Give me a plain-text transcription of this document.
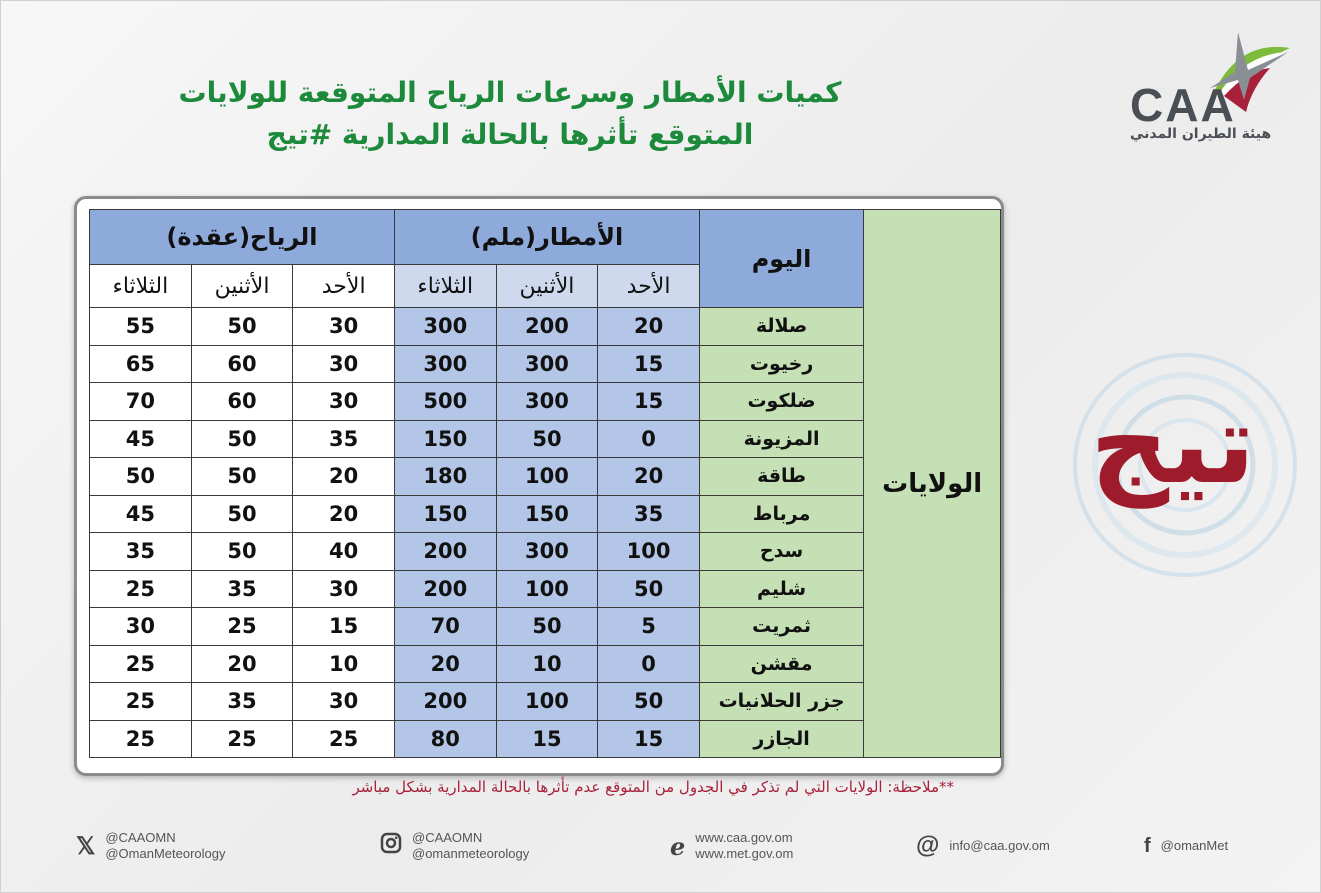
كميات الأمطار وسرعات الرياح المتوقعة للولايات
المتوقع تأثرها بالحالة المدارية #تيج
CAA
هيئة الطيران المدني
تيج
الولايات	اليوم	الأمطار(ملم)			الرياح(عقدة)		
		الأحد	الأثنين	الثلاثاء	الأحد	الأثنين	الثلاثاء
	صلالة	20	200	300	30	50	55
	رخيوت	15	300	300	30	60	65
	ضلكوت	15	300	500	30	60	70
	المزيونة	0	50	150	35	50	45
	طاقة	20	100	180	20	50	50
	مرباط	35	150	150	20	50	45
	سدح	100	300	200	40	50	35
	شليم	50	100	200	30	35	25
	ثمريت	5	50	70	15	25	30
	مقشن	0	10	20	10	20	25
	جزر الحلانيات	50	100	200	30	35	25
	الجازر	15	15	80	25	25	25
**ملاحظة: الولايات التي لم تذكر في الجدول من المتوقع عدم تأثرها بالحالة المدارية بشكل مباشر
𝕏 @CAAOMN
@OmanMeteorology
@CAAOMN
@omanmeteorology	e www.caa.gov.om
www.met.gov.om	@ info@caa.gov.om	f @omanMet
